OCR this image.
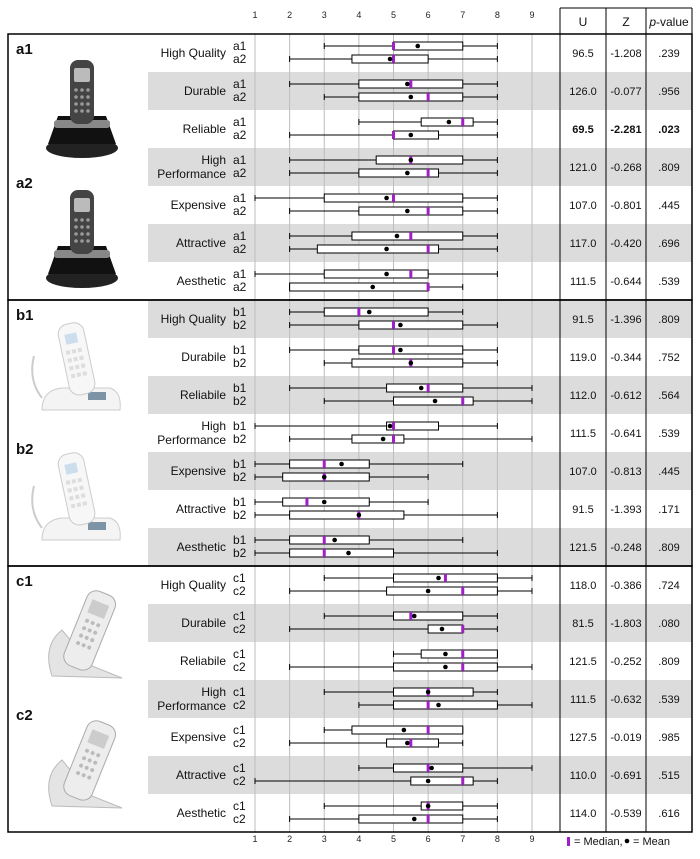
a1
a2
b1
b2
c1
c2
1
1
2
2
3
3
4
4
5
5
6
6
7
7
8
8
9
9
U	Z p-value
High Quality a1
a2	96.5 -1.208 .239
Durable a1
a2	126.0 -0.077 .956
Reliable a1
a2	69.5 -2.281 .023
High
Performance
a1
a2	121.0 -0.268 .809
Expensive a1
a2	107.0 -0.801 .445
Attractive a1
a2	117.0 -0.420 .696
Aesthetic a1
a2	111.5 -0.644 .539
High Quality b1
b2	91.5 -1.396 .809
Durabile b1
b2	119.0 -0.344 .752
Reliabile b1
b2	112.0 -0.612 .564
High
Performance
b1
b2	111.5 -0.641 .539
Expensive b1
b2	107.0 -0.813 .445
Attractive b1
b2	91.5 -1.393 .171
Aesthetic b1
b2	121.5 -0.248 .809
High Quality c1
c2	118.0 -0.386 .724
Durabile c1
c2	81.5 -1.803 .080
Reliabile c1
c2	121.5 -0.252 .809
High
Performance
c1
c2	111.5 -0.632 .539
Expensive c1
c2	127.5 -0.019 .985
Attractive c1
c2	110.0 -0.691 .515
Aesthetic c1
c2	114.0 -0.539 .616
= Median, = Mean
